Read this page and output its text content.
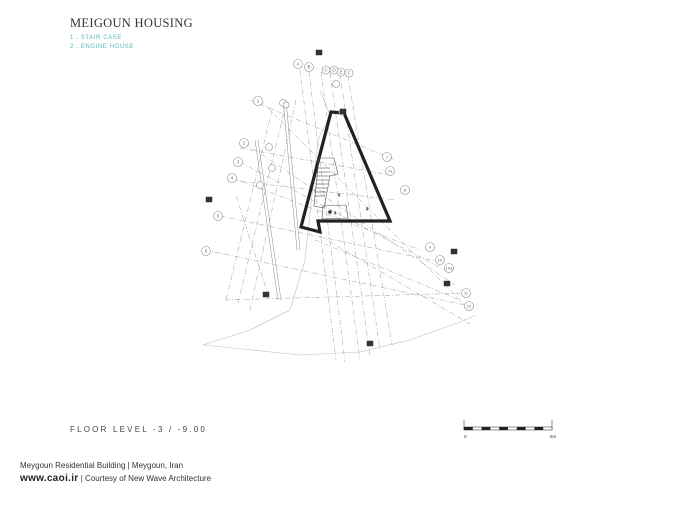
MEIGOUN HOUSING
1 . STAIR CASE
2 . ENGINE HOUSE
2
2
1
1
2
3
4
5
6
A
B
C D E F
7
7a
8
9
10
10a
11
12
FLOOR LEVEL -3 / -9.00
·	·	·	·	·	·	·	·
0	5m
Meygoun Residential Building | Meygoun, Iran
www.caoi.ir | Courtesy of New Wave Architecture
